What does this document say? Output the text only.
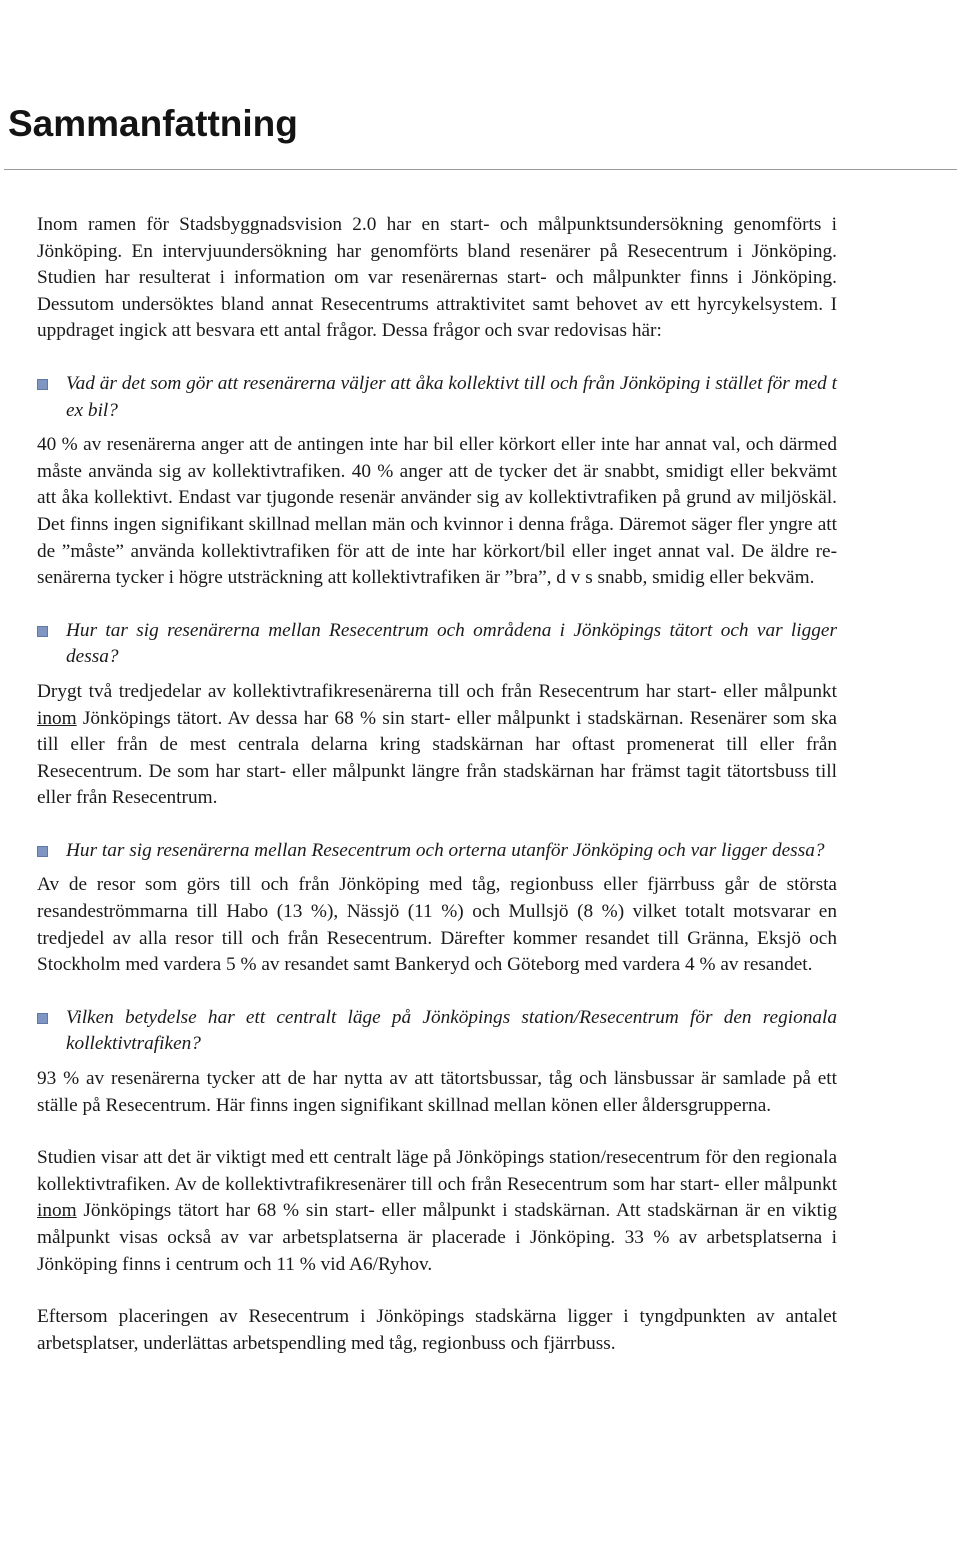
Sammanfattning

Inom ramen för Stadsbyggnadsvision 2.0 har en start- och målpunktsundersökning genomförts i Jönköping. En intervjuundersökning har genomförts bland resenärer på Resecentrum i Jönköping. Studien har resulterat i information om var resenärernas start- och målpunkter finns i Jönköping. Dessutom undersöktes bland annat Resecentrums attraktivitet samt behovet av ett hyrcykelsystem. I uppdraget ingick att besvara ett antal frågor. Dessa frågor och svar redovisas här:

Vad är det som gör att resenärerna väljer att åka kollektivt till och från Jönköping i stället för med t ex bil?

40 % av resenärerna anger att de antingen inte har bil eller körkort eller inte har annat val, och därmed måste använda sig av kollektivtrafiken. 40 % anger att de tycker det är snabbt, smidigt eller bekvämt att åka kollektivt. Endast var tjugonde resenär använder sig av kollektivtrafiken på grund av miljöskäl. Det finns ingen signifikant skillnad mellan män och kvinnor i denna fråga. Däremot säger fler yngre att de ”måste” använda kollektivtrafiken för att de inte har körkort/bil eller inget annat val. De äldre resenärerna tycker i högre utsträckning att kollektivtrafiken är ”bra”, d v s snabb, smidig eller bekväm.

Hur tar sig resenärerna mellan Resecentrum och områdena i Jönköpings tätort och var ligger dessa?

Drygt två tredjedelar av kollektivtrafikresenärerna till och från Resecentrum har start- eller målpunkt inom Jönköpings tätort. Av dessa har 68 % sin start- eller målpunkt i stadskärnan. Resenärer som ska till eller från de mest centrala delarna kring stadskärnan har oftast promenerat till eller från Resecentrum. De som har start- eller målpunkt längre från stadskärnan har främst tagit tätortsbuss till eller från Resecentrum.

Hur tar sig resenärerna mellan Resecentrum och orterna utanför Jönköping och var ligger dessa?

Av de resor som görs till och från Jönköping med tåg, regionbuss eller fjärrbuss går de största resandeströmmarna till Habo (13 %), Nässjö (11 %) och Mullsjö (8 %) vilket totalt motsvarar en tredjedel av alla resor till och från Resecentrum. Därefter kommer resandet till Gränna, Eksjö och Stockholm med vardera 5 % av resandet samt Bankeryd och Göteborg med vardera 4 % av resandet.

Vilken betydelse har ett centralt läge på Jönköpings station/Resecentrum för den regionala kollektivtrafiken?

93 % av resenärerna tycker att de har nytta av att tätortsbussar, tåg och länsbussar är samlade på ett ställe på Resecentrum. Här finns ingen signifikant skillnad mellan könen eller åldersgrupperna.

Studien visar att det är viktigt med ett centralt läge på Jönköpings station/resecentrum för den regionala kollektivtrafiken. Av de kollektivtrafikresenärer till och från Resecentrum som har start- eller målpunkt inom Jönköpings tätort har 68 % sin start- eller målpunkt i stadskärnan. Att stadskärnan är en viktig målpunkt visas också av var arbetsplatserna är placerade i Jönköping. 33 % av arbetsplatserna i Jönköping finns i centrum och 11 % vid A6/Ryhov.

Eftersom placeringen av Resecentrum i Jönköpings stadskärna ligger i tyngdpunkten av antalet arbetsplatser, underlättas arbetspendling med tåg, regionbuss och fjärrbuss.
